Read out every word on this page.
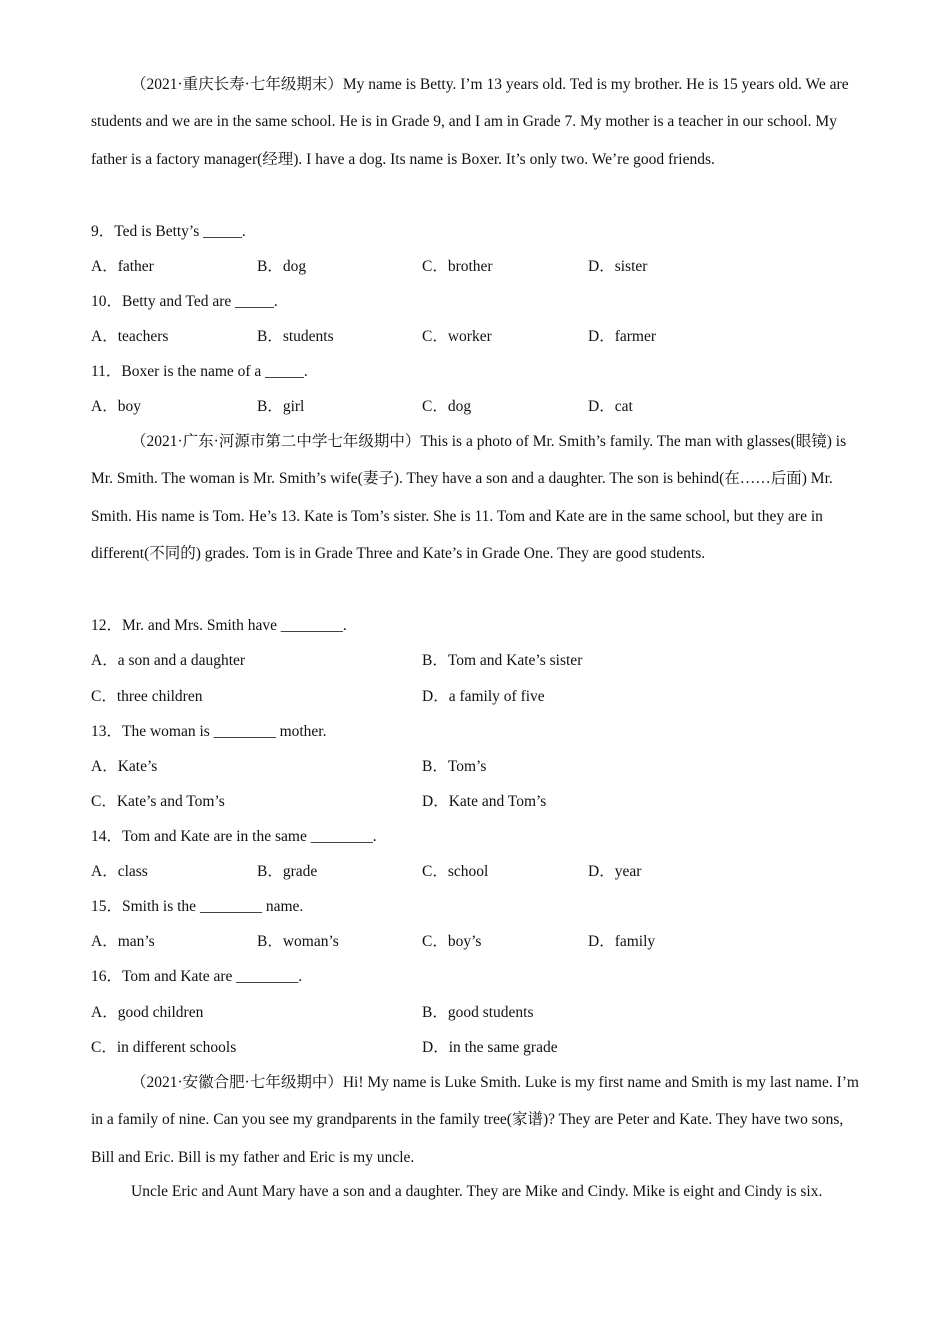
（2021·重庆长寿·七年级期末）My name is Betty. I’m 13 years old. Ted is my brother. He is 15 years old. We are students and we are in the same school. He is in Grade 9, and I am in Grade 7. My mother is a teacher in our school. My father is a factory manager(经理). I have a dog. Its name is Boxer. It’s only two. We’re good friends.

9．Ted is Betty’s _____.
A．father	B．dog	C．brother	D．sister
10．Betty and Ted are _____.
A．teachers	B．students	C．worker	D．farmer
11．Boxer is the name of a _____.
A．boy	B．girl	C．dog	D．cat

（2021·广东·河源市第二中学七年级期中）This is a photo of Mr. Smith’s family. The man with glasses(眼镜) is Mr. Smith. The woman is Mr. Smith’s wife(妻子). They have a son and a daughter. The son is behind(在……后面) Mr. Smith. His name is Tom. He’s 13. Kate is Tom’s sister. She is 11. Tom and Kate are in the same school, but they are in different(不同的) grades. Tom is in Grade Three and Kate’s in Grade One. They are good students.

12．Mr. and Mrs. Smith have ________.
A．a son and a daughter	B．Tom and Kate’s sister
C．three children	D．a family of five
13．The woman is ________ mother.
A．Kate’s	B．Tom’s
C．Kate’s and Tom’s	D．Kate and Tom’s
14．Tom and Kate are in the same ________.
A．class	B．grade	C．school	D．year
15．Smith is the ________ name.
A．man’s	B．woman’s	C．boy’s	D．family
16．Tom and Kate are ________.
A．good children	B．good students
C．in different schools	D．in the same grade

（2021·安徽合肥·七年级期中）Hi! My name is Luke Smith. Luke is my first name and Smith is my last name. I’m in a family of nine. Can you see my grandparents in the family tree(家谱)? They are Peter and Kate. They have two sons, Bill and Eric. Bill is my father and Eric is my uncle.

Uncle Eric and Aunt Mary have a son and a daughter. They are Mike and Cindy. Mike is eight and Cindy is six.
